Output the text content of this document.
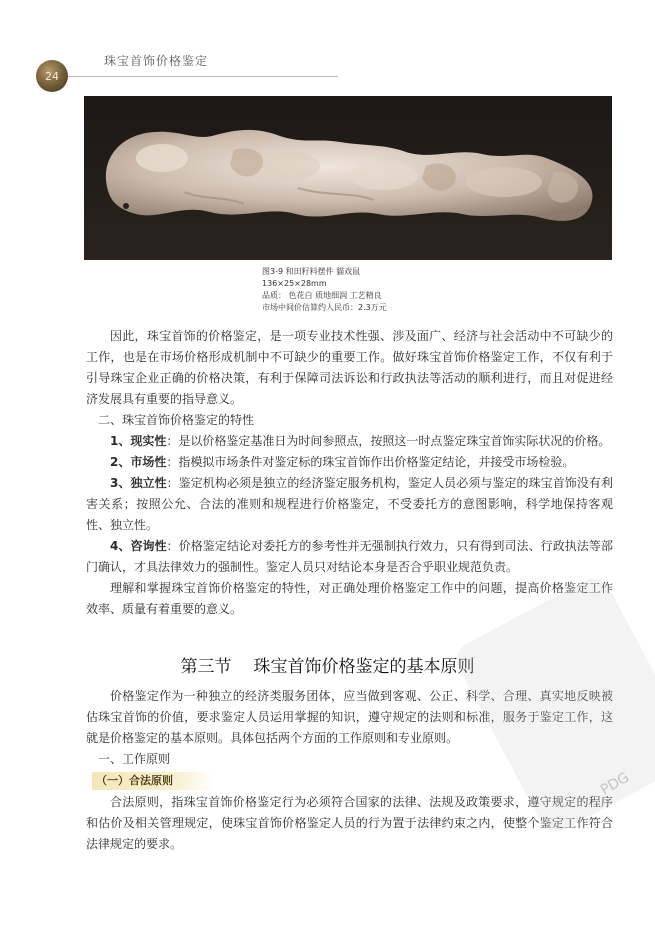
24
珠宝首饰价格鉴定
图3-9 和田籽料摆件 貓戏鼠
136×25×28mm
品质： 色花白 质地细润 工艺精良
市场中间价估算约人民币：2.3万元

因此，珠宝首饰的价格鉴定，是一项专业技术性强、涉及面广、经济与社会活动中不可缺少的工作，也是在市场价格形成机制中不可缺少的重要工作。做好珠宝首饰价格鉴定工作，不仅有利于引导珠宝企业正确的价格决策，有利于保障司法诉讼和行政执法等活动的顺利进行，而且对促进经济发展具有重要的指导意义。

二、珠宝首饰价格鉴定的特性

1、现实性：是以价格鉴定基准日为时间参照点，按照这一时点鉴定珠宝首饰实际状况的价格。

2、市场性：指模拟市场条件对鉴定标的珠宝首饰作出价格鉴定结论，并接受市场检验。

3、独立性：鉴定机构必须是独立的经济鉴定服务机构，鉴定人员必须与鉴定的珠宝首饰没有利害关系；按照公允、合法的准则和规程进行价格鉴定，不受委托方的意图影响，科学地保持客观性、独立性。

4、咨询性：价格鉴定结论对委托方的参考性并无强制执行效力，只有得到司法、行政执法等部门确认，才具法律效力的强制性。鉴定人员只对结论本身是否合乎职业规范负责。

理解和掌握珠宝首饰价格鉴定的特性，对正确处理价格鉴定工作中的问题，提高价格鉴定工作效率、质量有着重要的意义。

第三节 珠宝首饰价格鉴定的基本原则

价格鉴定作为一种独立的经济类服务团体，应当做到客观、公正、科学、合理、真实地反映被估珠宝首饰的价值，要求鉴定人员运用掌握的知识，遵守规定的法则和标准，服务于鉴定工作，这就是价格鉴定的基本原则。具体包括两个方面的工作原则和专业原则。

一、工作原则

（一）合法原则

合法原则，指珠宝首饰价格鉴定行为必须符合国家的法律、法规及政策要求，遵守规定的程序和估价及相关管理规定，使珠宝首饰价格鉴定人员的行为置于法律约束之内，使整个鉴定工作符合法律规定的要求。

PDG
